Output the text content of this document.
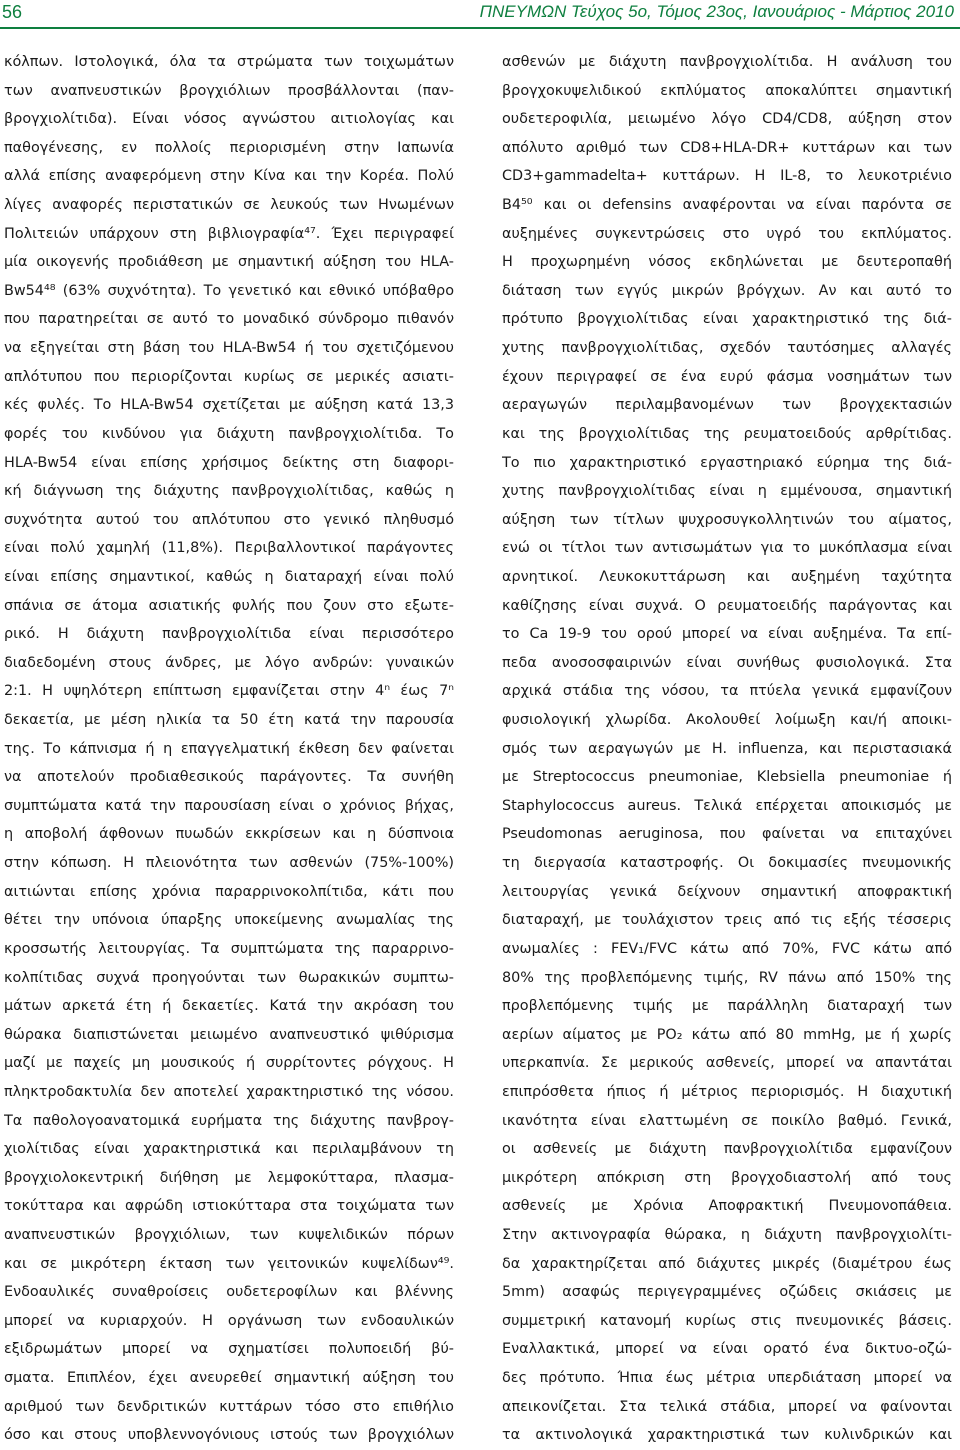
56	ΠΝΕΥΜΩΝ Τεύχος 5ο, Τόμος 23ος, Ιανουάριος - Μάρτιος 2010
κόλπων. Ιστολογικά, όλα τα στρώματα των τοιχωμάτων
των αναπνευστικών βρογχιόλιων προσβάλλονται (παν-
βρογχιολίτιδα). Είναι νόσος αγνώστου αιτιολογίας και
παθογένεσης, εν πολλοίς περιορισμένη στην Ιαπωνία
αλλά επίσης αναφερόμενη στην Κίνα και την Κορέα. Πολύ
λίγες αναφορές περιστατικών σε λευκούς των Ηνωμένων
Πολιτειών υπάρχουν στη βιβλιογραφία⁴⁷. Έχει περιγραφεί
μία οικογενής προδιάθεση με σημαντική αύξηση του HLA-
Bw54⁴⁸ (63% συχνότητα). Το γενετικό και εθνικό υπόβαθρο
που παρατηρείται σε αυτό το μοναδικό σύνδρομο πιθανόν
να εξηγείται στη βάση του HLA-Bw54 ή του σχετιζόμενου
απλότυπου που περιορίζονται κυρίως σε μερικές ασιατι-
κές φυλές. Το HLA-Bw54 σχετίζεται με αύξηση κατά 13,3
φορές του κινδύνου για διάχυτη πανβρογχιολίτιδα. Το
HLA-Bw54 είναι επίσης χρήσιμος δείκτης στη διαφορι-
κή διάγνωση της διάχυτης πανβρογχιολίτιδας, καθώς η
συχνότητα αυτού του απλότυπου στο γενικό πληθυσμό
είναι πολύ χαμηλή (11,8%). Περιβαλλοντικοί παράγοντες
είναι επίσης σημαντικοί, καθώς η διαταραχή είναι πολύ
σπάνια σε άτομα ασιατικής φυλής που ζουν στο εξωτε-
ρικό. Η διάχυτη πανβρογχιολίτιδα είναι περισσότερο
διαδεδομένη στους άνδρες, με λόγο ανδρών: γυναικών
2:1. Η υψηλότερη επίπτωση εμφανίζεται στην 4ⁿ έως 7ⁿ
δεκαετία, με μέση ηλικία τα 50 έτη κατά την παρουσία
της. Το κάπνισμα ή η επαγγελματική έκθεση δεν φαίνεται
να αποτελούν προδιαθεσικούς παράγοντες. Τα συνήθη
συμπτώματα κατά την παρουσίαση είναι ο χρόνιος βήχας,
η αποβολή άφθονων πυωδών εκκρίσεων και η δύσπνοια
στην κόπωση. Η πλειονότητα των ασθενών (75%-100%)
αιτιώνται επίσης χρόνια παραρρινοκολπίτιδα, κάτι που
θέτει την υπόνοια ύπαρξης υποκείμενης ανωμαλίας της
κροσσωτής λειτουργίας. Τα συμπτώματα της παραρρινο-
κολπίτιδας συχνά προηγούνται των θωρακικών συμπτω-
μάτων αρκετά έτη ή δεκαετίες. Κατά την ακρόαση του
θώρακα διαπιστώνεται μειωμένο αναπνευστικό ψιθύρισμα
μαζί με παχείς μη μουσικούς ή συρρίτοντες ρόγχους. Η
πληκτροδακτυλία δεν αποτελεί χαρακτηριστικό της νόσου.
Τα παθολογοανατομικά ευρήματα της διάχυτης πανβρογ-
χιολίτιδας είναι χαρακτηριστικά και περιλαμβάνουν τη
βρογχιολοκεντρική διήθηση με λεμφοκύτταρα, πλασμα-
τοκύτταρα και αφρώδη ιστιοκύτταρα στα τοιχώματα των
αναπνευστικών βρογχιόλιων, των κυψελιδικών πόρων
και σε μικρότερη έκταση των γειτονικών κυψελίδων⁴⁹.
Ενδοαυλικές συναθροίσεις ουδετεροφίλων και βλέννης
μπορεί να κυριαρχούν. Η οργάνωση των ενδοαυλικών
εξιδρωμάτων μπορεί να σχηματίσει πολυποειδή βύ-
σματα. Επιπλέον, έχει ανευρεθεί σημαντική αύξηση του
αριθμού των δενδριτικών κυττάρων τόσο στο επιθήλιο
όσο και στους υποβλεννογόνιους ιστούς των βρογχιόλων
ασθενών με διάχυτη πανβρογχιολίτιδα. Η ανάλυση του
βρογχοκυψελιδικού εκπλύματος αποκαλύπτει σημαντική
ουδετεροφιλία, μειωμένο λόγο CD4/CD8, αύξηση στον
απόλυτο αριθμό των CD8+HLA-DR+ κυττάρων και των
CD3+gammadelta+ κυττάρων. Η IL-8, το λευκοτριένιο
B4⁵⁰ και οι defensins αναφέρονται να είναι παρόντα σε
αυξημένες συγκεντρώσεις στο υγρό του εκπλύματος.
Η προχωρημένη νόσος εκδηλώνεται με δευτεροπαθή
διάταση των εγγύς μικρών βρόγχων. Αν και αυτό το
πρότυπο βρογχιολίτιδας είναι χαρακτηριστικό της διά-
χυτης πανβρογχιολίτιδας, σχεδόν ταυτόσημες αλλαγές
έχουν περιγραφεί σε ένα ευρύ φάσμα νοσημάτων των
αεραγωγών περιλαμβανομένων των βρογχεκτασιών
και της βρογχιολίτιδας της ρευματοειδούς αρθρίτιδας.
Το πιο χαρακτηριστικό εργαστηριακό εύρημα της διά-
χυτης πανβρογχιολίτιδας είναι η εμμένουσα, σημαντική
αύξηση των τίτλων ψυχροσυγκολλητινών του αίματος,
ενώ οι τίτλοι των αντισωμάτων για το μυκόπλασμα είναι
αρνητικοί. Λευκοκυττάρωση και αυξημένη ταχύτητα
καθίζησης είναι συχνά. Ο ρευματοειδής παράγοντας και
το Ca 19-9 του ορού μπορεί να είναι αυξημένα. Τα επί-
πεδα ανοσοσφαιρινών είναι συνήθως φυσιολογικά. Στα
αρχικά στάδια της νόσου, τα πτύελα γενικά εμφανίζουν
φυσιολογική χλωρίδα. Ακολουθεί λοίμωξη και/ή αποικι-
σμός των αεραγωγών με H. influenza, και περιστασιακά
με Streptococcus pneumoniae, Klebsiella pneumoniae ή
Staphylococcus aureus. Τελικά επέρχεται αποικισμός με
Pseudomonas aeruginosa, που φαίνεται να επιταχύνει
τη διεργασία καταστροφής. Οι δοκιμασίες πνευμονικής
λειτουργίας γενικά δείχνουν σημαντική αποφρακτική
διαταραχή, με τουλάχιστον τρεις από τις εξής τέσσερις
ανωμαλίες : FEV₁/FVC κάτω από 70%, FVC κάτω από
80% της προβλεπόμενης τιμής, RV πάνω από 150% της
προβλεπόμενης τιμής με παράλληλη διαταραχή των
αερίων αίματος με PO₂ κάτω από 80 mmHg, με ή χωρίς
υπερκαπνία. Σε μερικούς ασθενείς, μπορεί να απαντάται
επιπρόσθετα ήπιος ή μέτριος περιορισμός. Η διαχυτική
ικανότητα είναι ελαττωμένη σε ποικίλο βαθμό. Γενικά,
οι ασθενείς με διάχυτη πανβρογχιολίτιδα εμφανίζουν
μικρότερη απόκριση στη βρογχοδιαστολή από τους
ασθενείς με Χρόνια Αποφρακτική Πνευμονοπάθεια.
Στην ακτινογραφία θώρακα, η διάχυτη πανβρογχιολίτι-
δα χαρακτηρίζεται από διάχυτες μικρές (διαμέτρου έως
5mm) ασαφώς περιγεγραμμένες οζώδεις σκιάσεις με
συμμετρική κατανομή κυρίως στις πνευμονικές βάσεις.
Εναλλακτικά, μπορεί να είναι ορατό ένα δικτυο-οζώ-
δες πρότυπο. Ήπια έως μέτρια υπερδιάταση μπορεί να
απεικονίζεται. Στα τελικά στάδια, μπορεί να φαίνονται
τα ακτινολογικά χαρακτηριστικά των κυλινδρικών και
